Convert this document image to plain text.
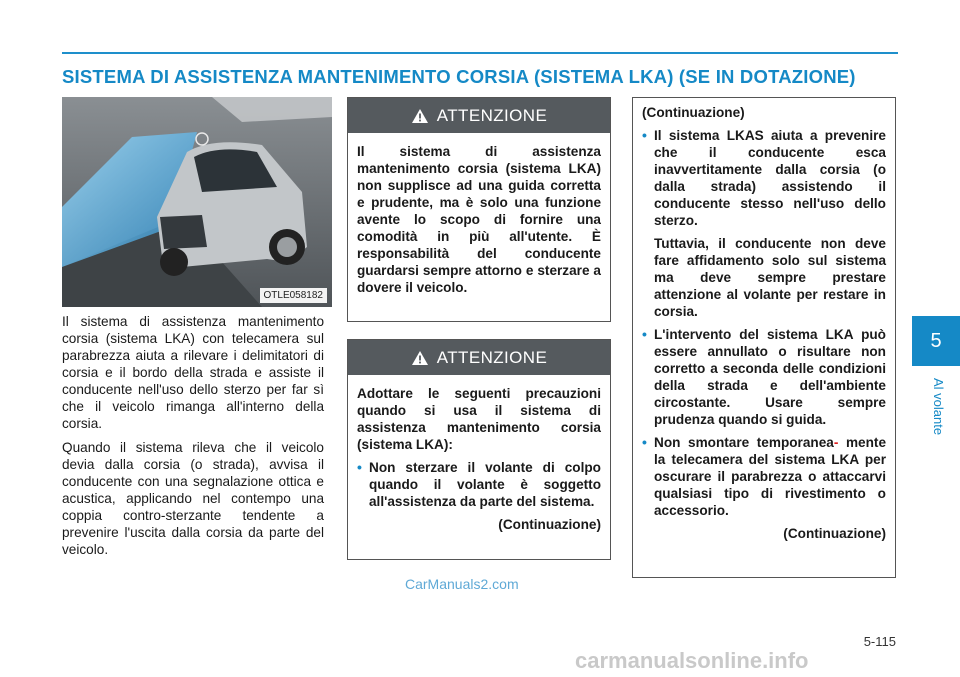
SISTEMA DI ASSISTENZA MANTENIMENTO CORSIA (SISTEMA LKA) (SE IN DOTAZIONE)
OTLE058182

Il sistema di assistenza mantenimento corsia (sistema LKA) con telecamera sul parabrezza aiuta a rilevare i delimitatori di corsia e il bordo della strada e assiste il conducente nell'uso dello sterzo per far sì che il veicolo rimanga all'interno della corsia.

Quando il sistema rileva che il veicolo devia dalla corsia (o strada), avvisa il conducente con una segnalazione ottica e acustica, applicando nel contempo una coppia contro-sterzante tendente a prevenire l'uscita dalla corsia da parte del veicolo.

ATTENZIONE

Il sistema di assistenza mantenimento corsia (sistema LKA) non supplisce ad una guida corretta e prudente, ma è solo una funzione avente lo scopo di fornire una comodità in più all'utente. È responsabilità del conducente guardarsi sempre attorno e sterzare a dovere il veicolo.

ATTENZIONE

Adottare le seguenti precauzioni quando si usa il sistema di assistenza mantenimento corsia (sistema LKA):

• Non sterzare il volante di colpo quando il volante è soggetto all'assistenza da parte del sistema.

(Continuazione)

(Continuazione)

• Il sistema LKAS aiuta a prevenire che il conducente esca inavvertitamente dalla corsia (o dalla strada) assistendo il conducente stesso nell'uso dello sterzo.

Tuttavia, il conducente non deve fare affidamento solo sul sistema ma deve sempre prestare attenzione al volante per restare in corsia.

• L'intervento del sistema LKA può essere annullato o risultare non corretto a seconda delle condizioni della strada e dell'ambiente circostante. Usare sempre prudenza quando si guida.
• Non smontare temporanea- mente la telecamera del sistema LKA per oscurare il parabrezza o attaccarvi qualsiasi tipo di rivestimento o accessorio.

(Continuazione)

5
Al volante
5-115
CarManuals2.com
carmanualsonline.info
